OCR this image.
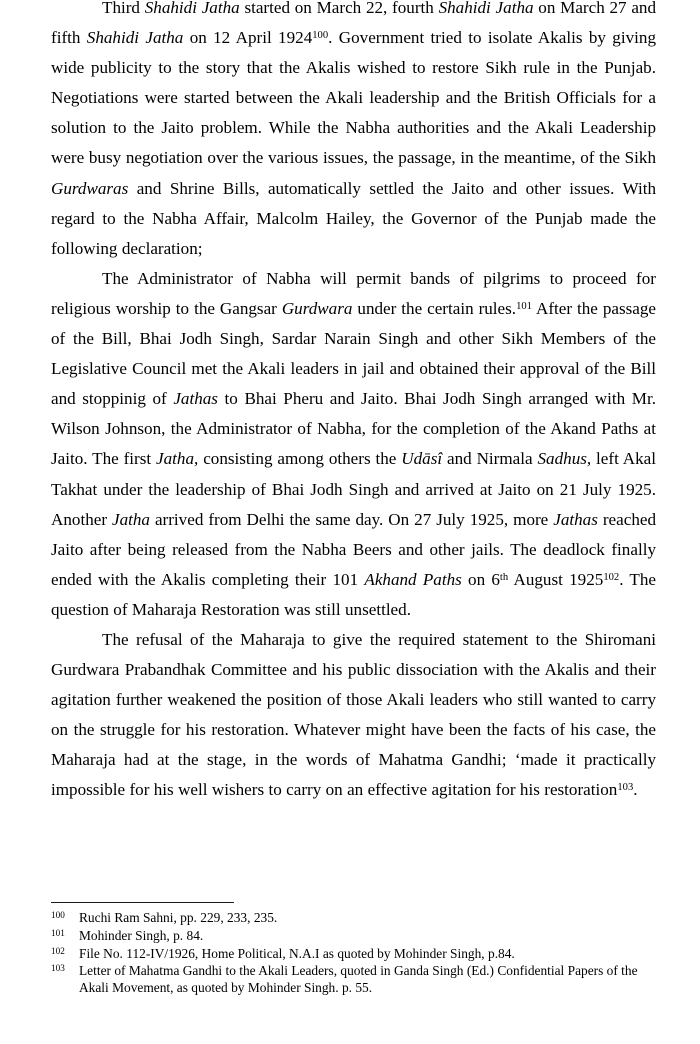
Third Shahidi Jatha started on March 22, fourth Shahidi Jatha on March 27 and fifth Shahidi Jatha on 12 April 1924$^{100}$. Government tried to isolate Akalis by giving wide publicity to the story that the Akalis wished to restore Sikh rule in the Punjab. Negotiations were started between the Akali leadership and the British Officials for a solution to the Jaito problem. While the Nabha authorities and the Akali Leadership were busy negotiation over the various issues, the passage, in the meantime, of the Sikh Gurdwaras and Shrine Bills, automatically settled the Jaito and other issues. With regard to the Nabha Affair, Malcolm Hailey, the Governor of the Punjab made the following declaration;

The Administrator of Nabha will permit bands of pilgrims to proceed for religious worship to the Gangsar Gurdwara under the certain rules.$^{101}$ After the passage of the Bill, Bhai Jodh Singh, Sardar Narain Singh and other Sikh Members of the Legislative Council met the Akali leaders in jail and obtained their approval of the Bill and stoppinig of Jathas to Bhai Pheru and Jaito. Bhai Jodh Singh arranged with Mr. Wilson Johnson, the Administrator of Nabha, for the completion of the Akand Paths at Jaito. The first Jatha, consisting among others the Udāsî and Nirmala Sadhus, left Akal Takhat under the leadership of Bhai Jodh Singh and arrived at Jaito on 21 July 1925. Another Jatha arrived from Delhi the same day. On 27 July 1925, more Jathas reached Jaito after being released from the Nabha Beers and other jails. The deadlock finally ended with the Akalis completing their 101 Akhand Paths on 6th August 1925$^{102}$. The question of Maharaja Restoration was still unsettled.

The refusal of the Maharaja to give the required statement to the Shiromani Gurdwara Prabandhak Committee and his public dissociation with the Akalis and their agitation further weakened the position of those Akali leaders who still wanted to carry on the struggle for his restoration. Whatever might have been the facts of his case, the Maharaja had at the stage, in the words of Mahatma Gandhi; ‘made it practically impossible for his well wishers to carry on an effective agitation for his restoration$^{103}$.

100	Ruchi Ram Sahni, pp. 229, 233, 235.
101	Mohinder Singh, p. 84.
102	File No. 112-IV/1926, Home Political, N.A.I as quoted by Mohinder Singh, p.84.
103	Letter of Mahatma Gandhi to the Akali Leaders, quoted in Ganda Singh (Ed.) Confidential Papers of the Akali Movement, as quoted by Mohinder Singh. p. 55.
